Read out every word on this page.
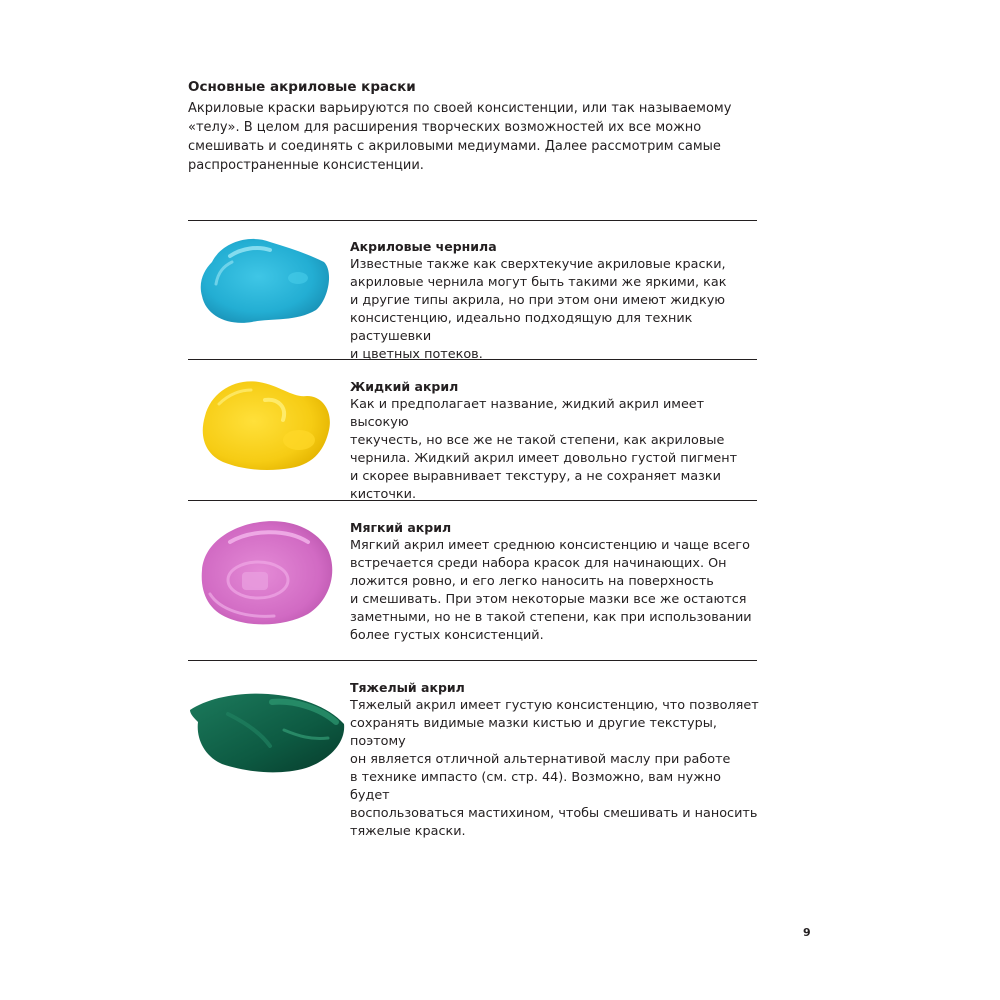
Основные акриловые краски

Акриловые краски варьируются по своей консистенции, или так называемому
«телу». В целом для расширения творческих возможностей их все можно
смешивать и соединять с акриловыми медиумами. Далее рассмотрим самые
распространенные консистенции.

Акриловые чернила

Известные также как сверхтекучие акриловые краски,
акриловые чернила могут быть такими же яркими, как
и другие типы акрила, но при этом они имеют жидкую
консистенцию, идеально подходящую для техник растушевки
и цветных потеков.

Жидкий акрил

Как и предполагает название, жидкий акрил имеет высокую
текучесть, но все же не такой степени, как акриловые
чернила. Жидкий акрил имеет довольно густой пигмент
и скорее выравнивает текстуру, а не сохраняет мазки
кисточки.

Мягкий акрил

Мягкий акрил имеет среднюю консистенцию и чаще всего
встречается среди набора красок для начинающих. Он
ложится ровно, и его легко наносить на поверхность
и смешивать. При этом некоторые мазки все же остаются
заметными, но не в такой степени, как при использовании
более густых консистенций.

Тяжелый акрил

Тяжелый акрил имеет густую консистенцию, что позволяет
сохранять видимые мазки кистью и другие текстуры, поэтому
он является отличной альтернативой маслу при работе
в технике импасто (см. стр. 44). Возможно, вам нужно будет
воспользоваться мастихином, чтобы смешивать и наносить
тяжелые краски.

9
